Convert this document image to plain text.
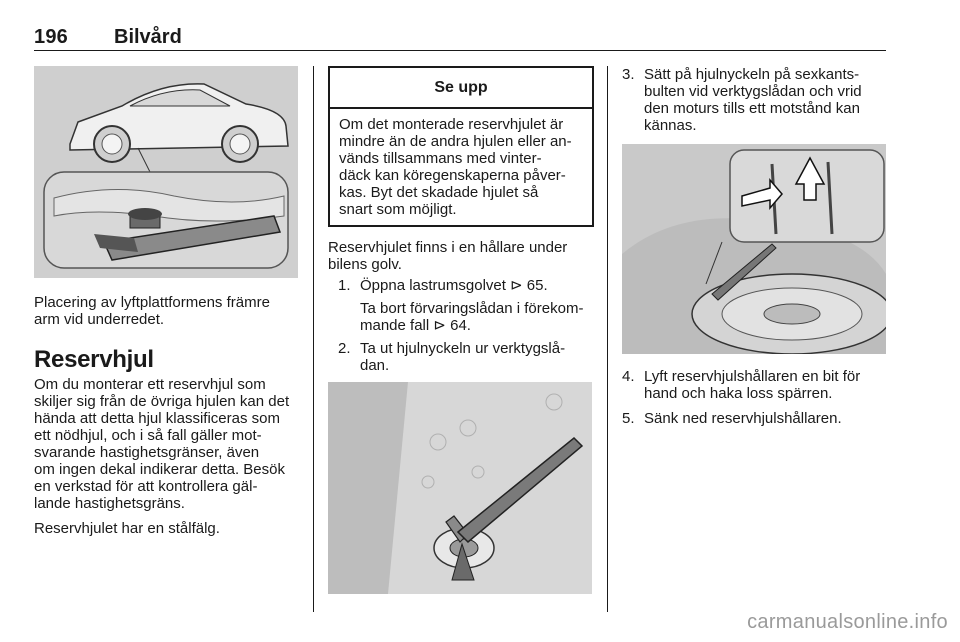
196 Bilvård

Placering av lyftplattformens främre

arm vid underredet.

Reservhjul

Om du monterar ett reservhjul som

skiljer sig från de övriga hjulen kan det

hända att detta hjul klassificeras som

ett nödhjul, och i så fall gäller mot-

svarande hastighetsgränser, även

om ingen dekal indikerar detta. Besök

en verkstad för att kontrollera gäl-

lande hastighetsgräns.

Reservhjulet har en stålfälg.

Se upp

Om det monterade reservhjulet är

mindre än de andra hjulen eller an-

vänds tillsammans med vinter-

däck kan köregenskaperna påver-

kas. Byt det skadade hjulet så

snart som möjligt.

Reservhjulet finns i en hållare under

bilens golv.

1. Öppna lastrumsgolvet ⊳ 65.

Ta bort förvaringslådan i förekom-

mande fall ⊳ 64.

2. Ta ut hjulnyckeln ur verktygslå-

dan.

3. Sätt på hjulnyckeln på sexkants-

bulten vid verktygslådan och vrid

den moturs tills ett motstånd kan

kännas.

4. Lyft reservhjulshållaren en bit för

hand och haka loss spärren.

5. Sänk ned reservhjulshållaren.

carmanualsonline.info
